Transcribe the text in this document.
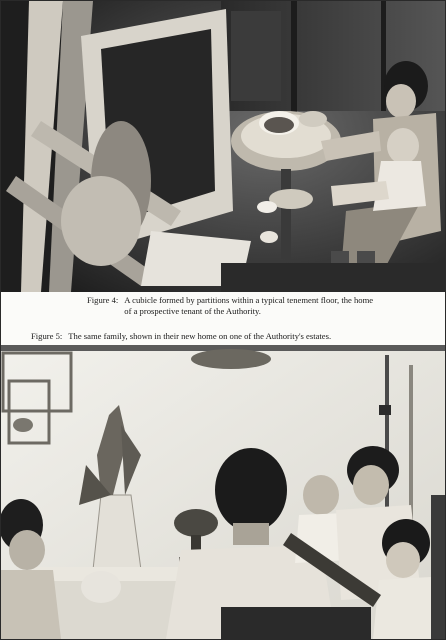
Figure 4: A cubicle formed by partitions within a typical tenement floor, the home of a prospective tenant of the Authority.

Figure 5: The same family, shown in their new home on one of the Authority's estates.
